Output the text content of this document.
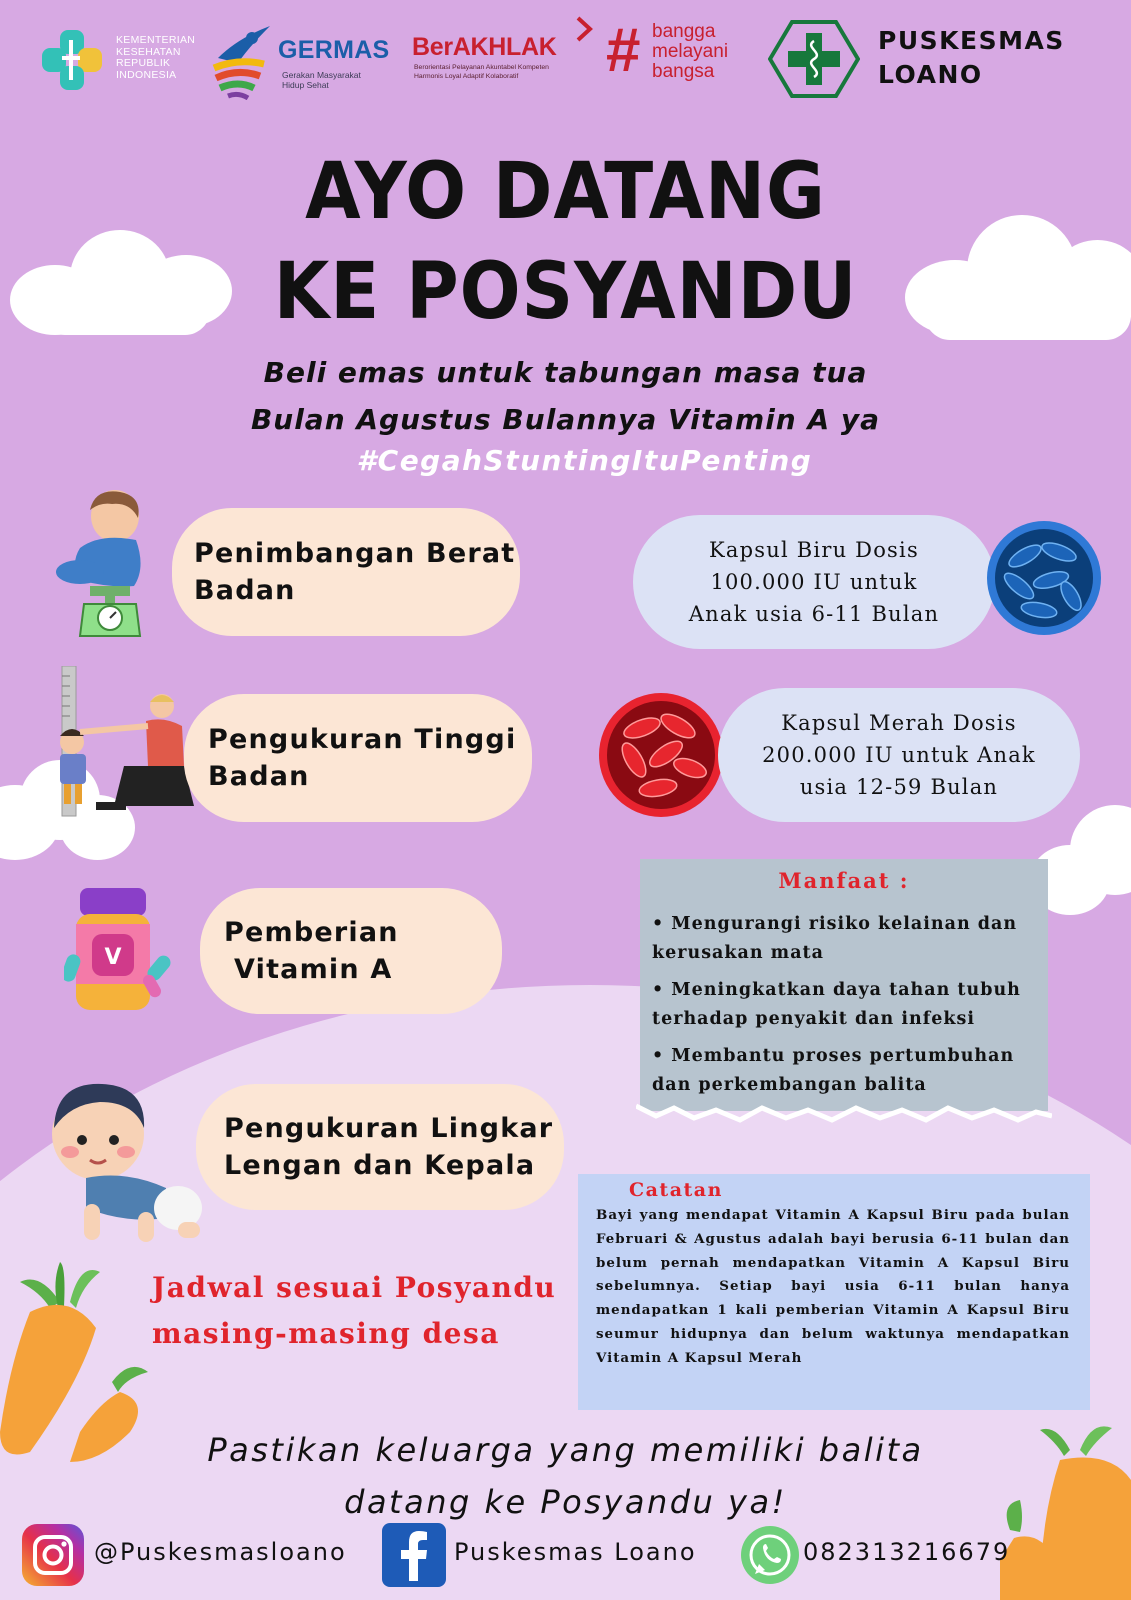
KEMENTERIAN
KESEHATAN
REPUBLIK
INDONESIA
GERMAS
Gerakan Masyarakat
Hidup Sehat
BerAKHLAK
Berorientasi Pelayanan Akuntabel Kompeten
Harmonis Loyal Adaptif Kolaboratif	# bangga
melayani
bangsa
PUSKESMAS
LOANO
AYO DATANG
KE POSYANDU
Beli emas untuk tabungan masa tua
Bulan Agustus Bulannya Vitamin A ya
#CegahStuntingItuPenting
Penimbangan Berat
Badan
Pengukuran Tinggi
Badan
V
Pemberian
Vitamin A
Pengukuran Lingkar
Lengan dan Kepala
Kapsul Biru Dosis
100.000 IU untuk
Anak usia 6-11 Bulan
Kapsul Merah Dosis
200.000 IU untuk Anak
usia 12-59 Bulan
Manfaat :
• Mengurangi risiko kelainan dan
kerusakan mata
• Meningkatkan daya tahan tubuh
terhadap penyakit dan infeksi
• Membantu proses pertumbuhan
dan perkembangan balita
Catatan
Bayi yang mendapat Vitamin A Kapsul Biru pada bulan Februari & Agustus adalah bayi berusia 6-11 bulan dan belum pernah mendapatkan Vitamin A Kapsul Biru sebelumnya. Setiap bayi usia 6-11 bulan hanya mendapatkan 1 kali pemberian Vitamin A Kapsul Biru seumur hidupnya dan belum waktunya mendapatkan Vitamin A Kapsul Merah
Jadwal sesuai Posyandu
masing-masing desa
Pastikan keluarga yang memiliki balita
datang ke Posyandu ya!
@Puskesmasloano	Puskesmas Loano	082313216679
